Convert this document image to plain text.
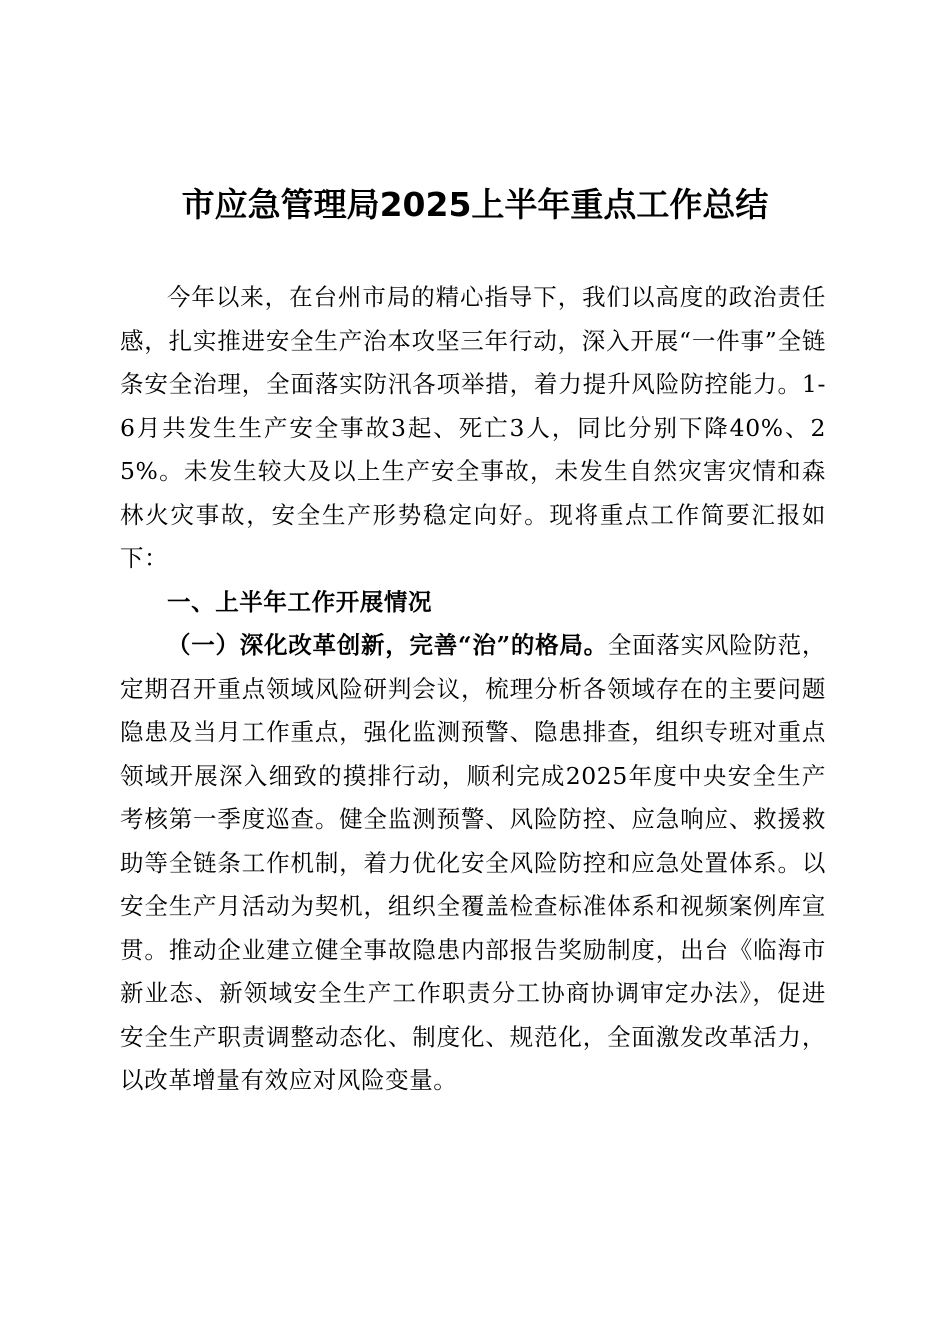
市应急管理局2025上半年重点工作总结

今年以来，在台州市局的精心指导下，我们以高度的政治责任感，扎实推进安全生产治本攻坚三年行动，深入开展“一件事”全链条安全治理，全面落实防汛各项举措，着力提升风险防控能力。1-6月共发生生产安全事故3起、死亡3人，同比分别下降40%、25%。未发生较大及以上生产安全事故，未发生自然灾害灾情和森林火灾事故，安全生产形势稳定向好。现将重点工作简要汇报如下：

一、上半年工作开展情况

（一）深化改革创新，完善“治”的格局。全面落实风险防范，定期召开重点领域风险研判会议，梳理分析各领域存在的主要问题隐患及当月工作重点，强化监测预警、隐患排查，组织专班对重点领域开展深入细致的摸排行动，顺利完成2025年度中央安全生产考核第一季度巡查。健全监测预警、风险防控、应急响应、救援救助等全链条工作机制，着力优化安全风险防控和应急处置体系。以安全生产月活动为契机，组织全覆盖检查标准体系和视频案例库宣贯。推动企业建立健全事故隐患内部报告奖励制度，出台《临海市新业态、新领域安全生产工作职责分工协商协调审定办法》，促进安全生产职责调整动态化、制度化、规范化，全面激发改革活力，以改革增量有效应对风险变量。
